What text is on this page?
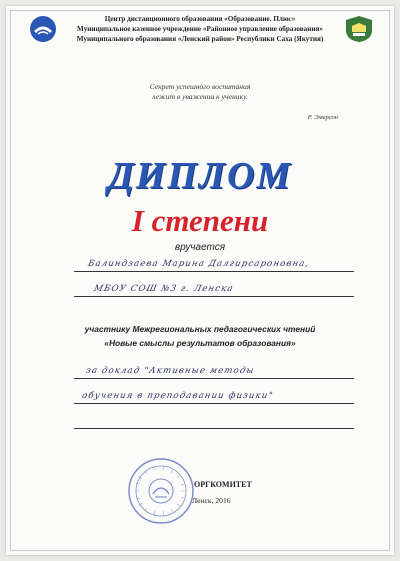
Центр дистанционного образования «Образование. Плюс»
Муниципальное казенное учреждение «Районное управление образования»
Муниципального образования «Ленский район» Республики Саха (Якутия)
Секрет успешного воспитания
лежит в уважении к ученику.
Р. Эмерсон
ДИПЛОМ
I степени
вручается
Балиндзаева Марина Далгирсароновна,
МБОУ СОШ №3 г. Ленска
участнику Межрегиональных педагогических чтений
«Новые смыслы результатов образования»
за доклад "Активные методы
обучения в преподавании физики"
ОРГКОМИТЕТ
Ленск, 2016
